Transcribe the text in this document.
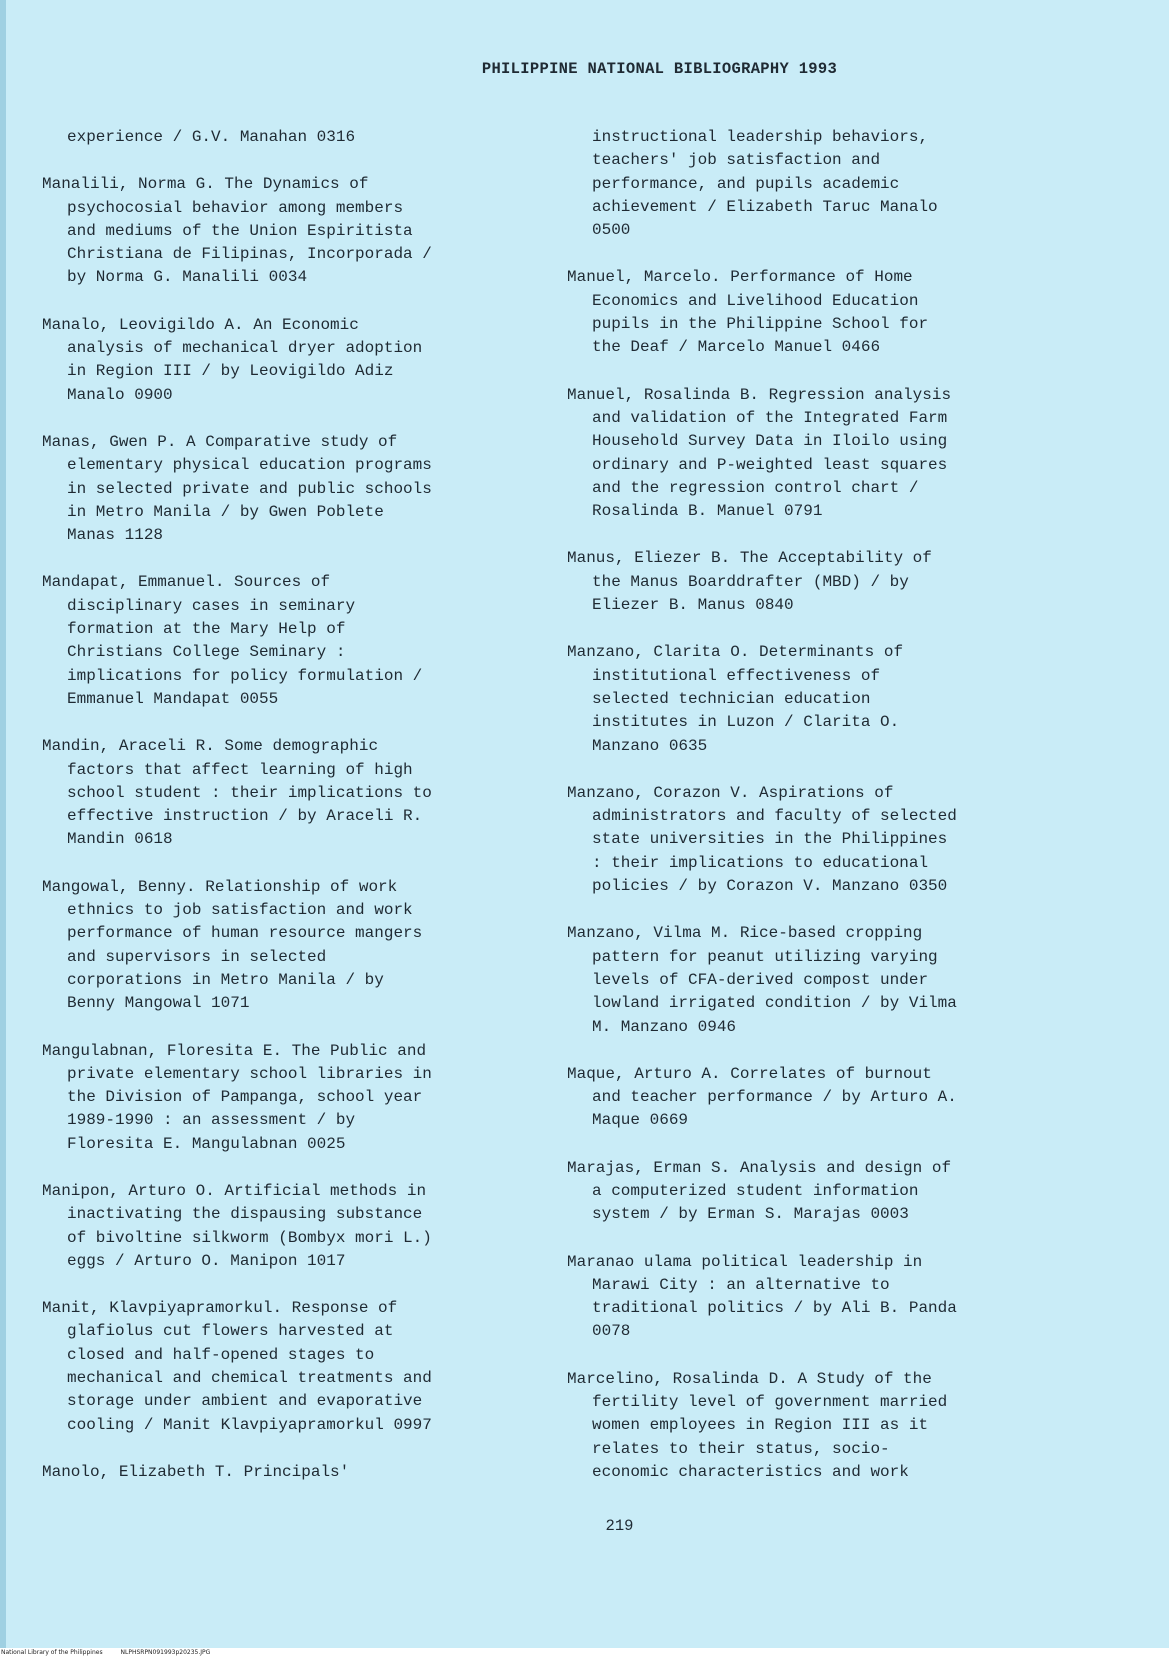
PHILIPPINE NATIONAL BIBLIOGRAPHY 1993
experience / G.V. Manahan 0316
Manalili, Norma G. The Dynamics of
psychocosial behavior among members
and mediums of the Union Espiritista
Christiana de Filipinas, Incorporada /
by Norma G. Manalili 0034
Manalo, Leovigildo A. An Economic
analysis of mechanical dryer adoption
in Region III / by Leovigildo Adiz
Manalo 0900
Manas, Gwen P. A Comparative study of
elementary physical education programs
in selected private and public schools
in Metro Manila / by Gwen Poblete
Manas 1128
Mandapat, Emmanuel. Sources of
disciplinary cases in seminary
formation at the Mary Help of
Christians College Seminary :
implications for policy formulation /
Emmanuel Mandapat 0055
Mandin, Araceli R. Some demographic
factors that affect learning of high
school student : their implications to
effective instruction / by Araceli R.
Mandin 0618
Mangowal, Benny. Relationship of work
ethnics to job satisfaction and work
performance of human resource mangers
and supervisors in selected
corporations in Metro Manila / by
Benny Mangowal 1071
Mangulabnan, Floresita E. The Public and
private elementary school libraries in
the Division of Pampanga, school year
1989-1990 : an assessment / by
Floresita E. Mangulabnan 0025
Manipon, Arturo O. Artificial methods in
inactivating the dispausing substance
of bivoltine silkworm (Bombyx mori L.)
eggs / Arturo O. Manipon 1017
Manit, Klavpiyapramorkul. Response of
glafiolus cut flowers harvested at
closed and half-opened stages to
mechanical and chemical treatments and
storage under ambient and evaporative
cooling / Manit Klavpiyapramorkul 0997
Manolo, Elizabeth T. Principals'
instructional leadership behaviors,
teachers' job satisfaction and
performance, and pupils academic
achievement / Elizabeth Taruc Manalo
0500
Manuel, Marcelo. Performance of Home
Economics and Livelihood Education
pupils in the Philippine School for
the Deaf / Marcelo Manuel 0466
Manuel, Rosalinda B. Regression analysis
and validation of the Integrated Farm
Household Survey Data in Iloilo using
ordinary and P-weighted least squares
and the regression control chart /
Rosalinda B. Manuel 0791
Manus, Eliezer B. The Acceptability of
the Manus Boarddrafter (MBD) / by
Eliezer B. Manus 0840
Manzano, Clarita O. Determinants of
institutional effectiveness of
selected technician education
institutes in Luzon / Clarita O.
Manzano 0635
Manzano, Corazon V. Aspirations of
administrators and faculty of selected
state universities in the Philippines
: their implications to educational
policies / by Corazon V. Manzano 0350
Manzano, Vilma M. Rice-based cropping
pattern for peanut utilizing varying
levels of CFA-derived compost under
lowland irrigated condition / by Vilma
M. Manzano 0946
Maque, Arturo A. Correlates of burnout
and teacher performance / by Arturo A.
Maque 0669
Marajas, Erman S. Analysis and design of
a computerized student information
system / by Erman S. Marajas 0003
Maranao ulama political leadership in
Marawi City : an alternative to
traditional politics / by Ali B. Panda
0078
Marcelino, Rosalinda D. A Study of the
fertility level of government married
women employees in Region III as it
relates to their status, socio-
economic characteristics and work
219
National Library of the Philippines	NLPHSRPN091993p20235.JPG
